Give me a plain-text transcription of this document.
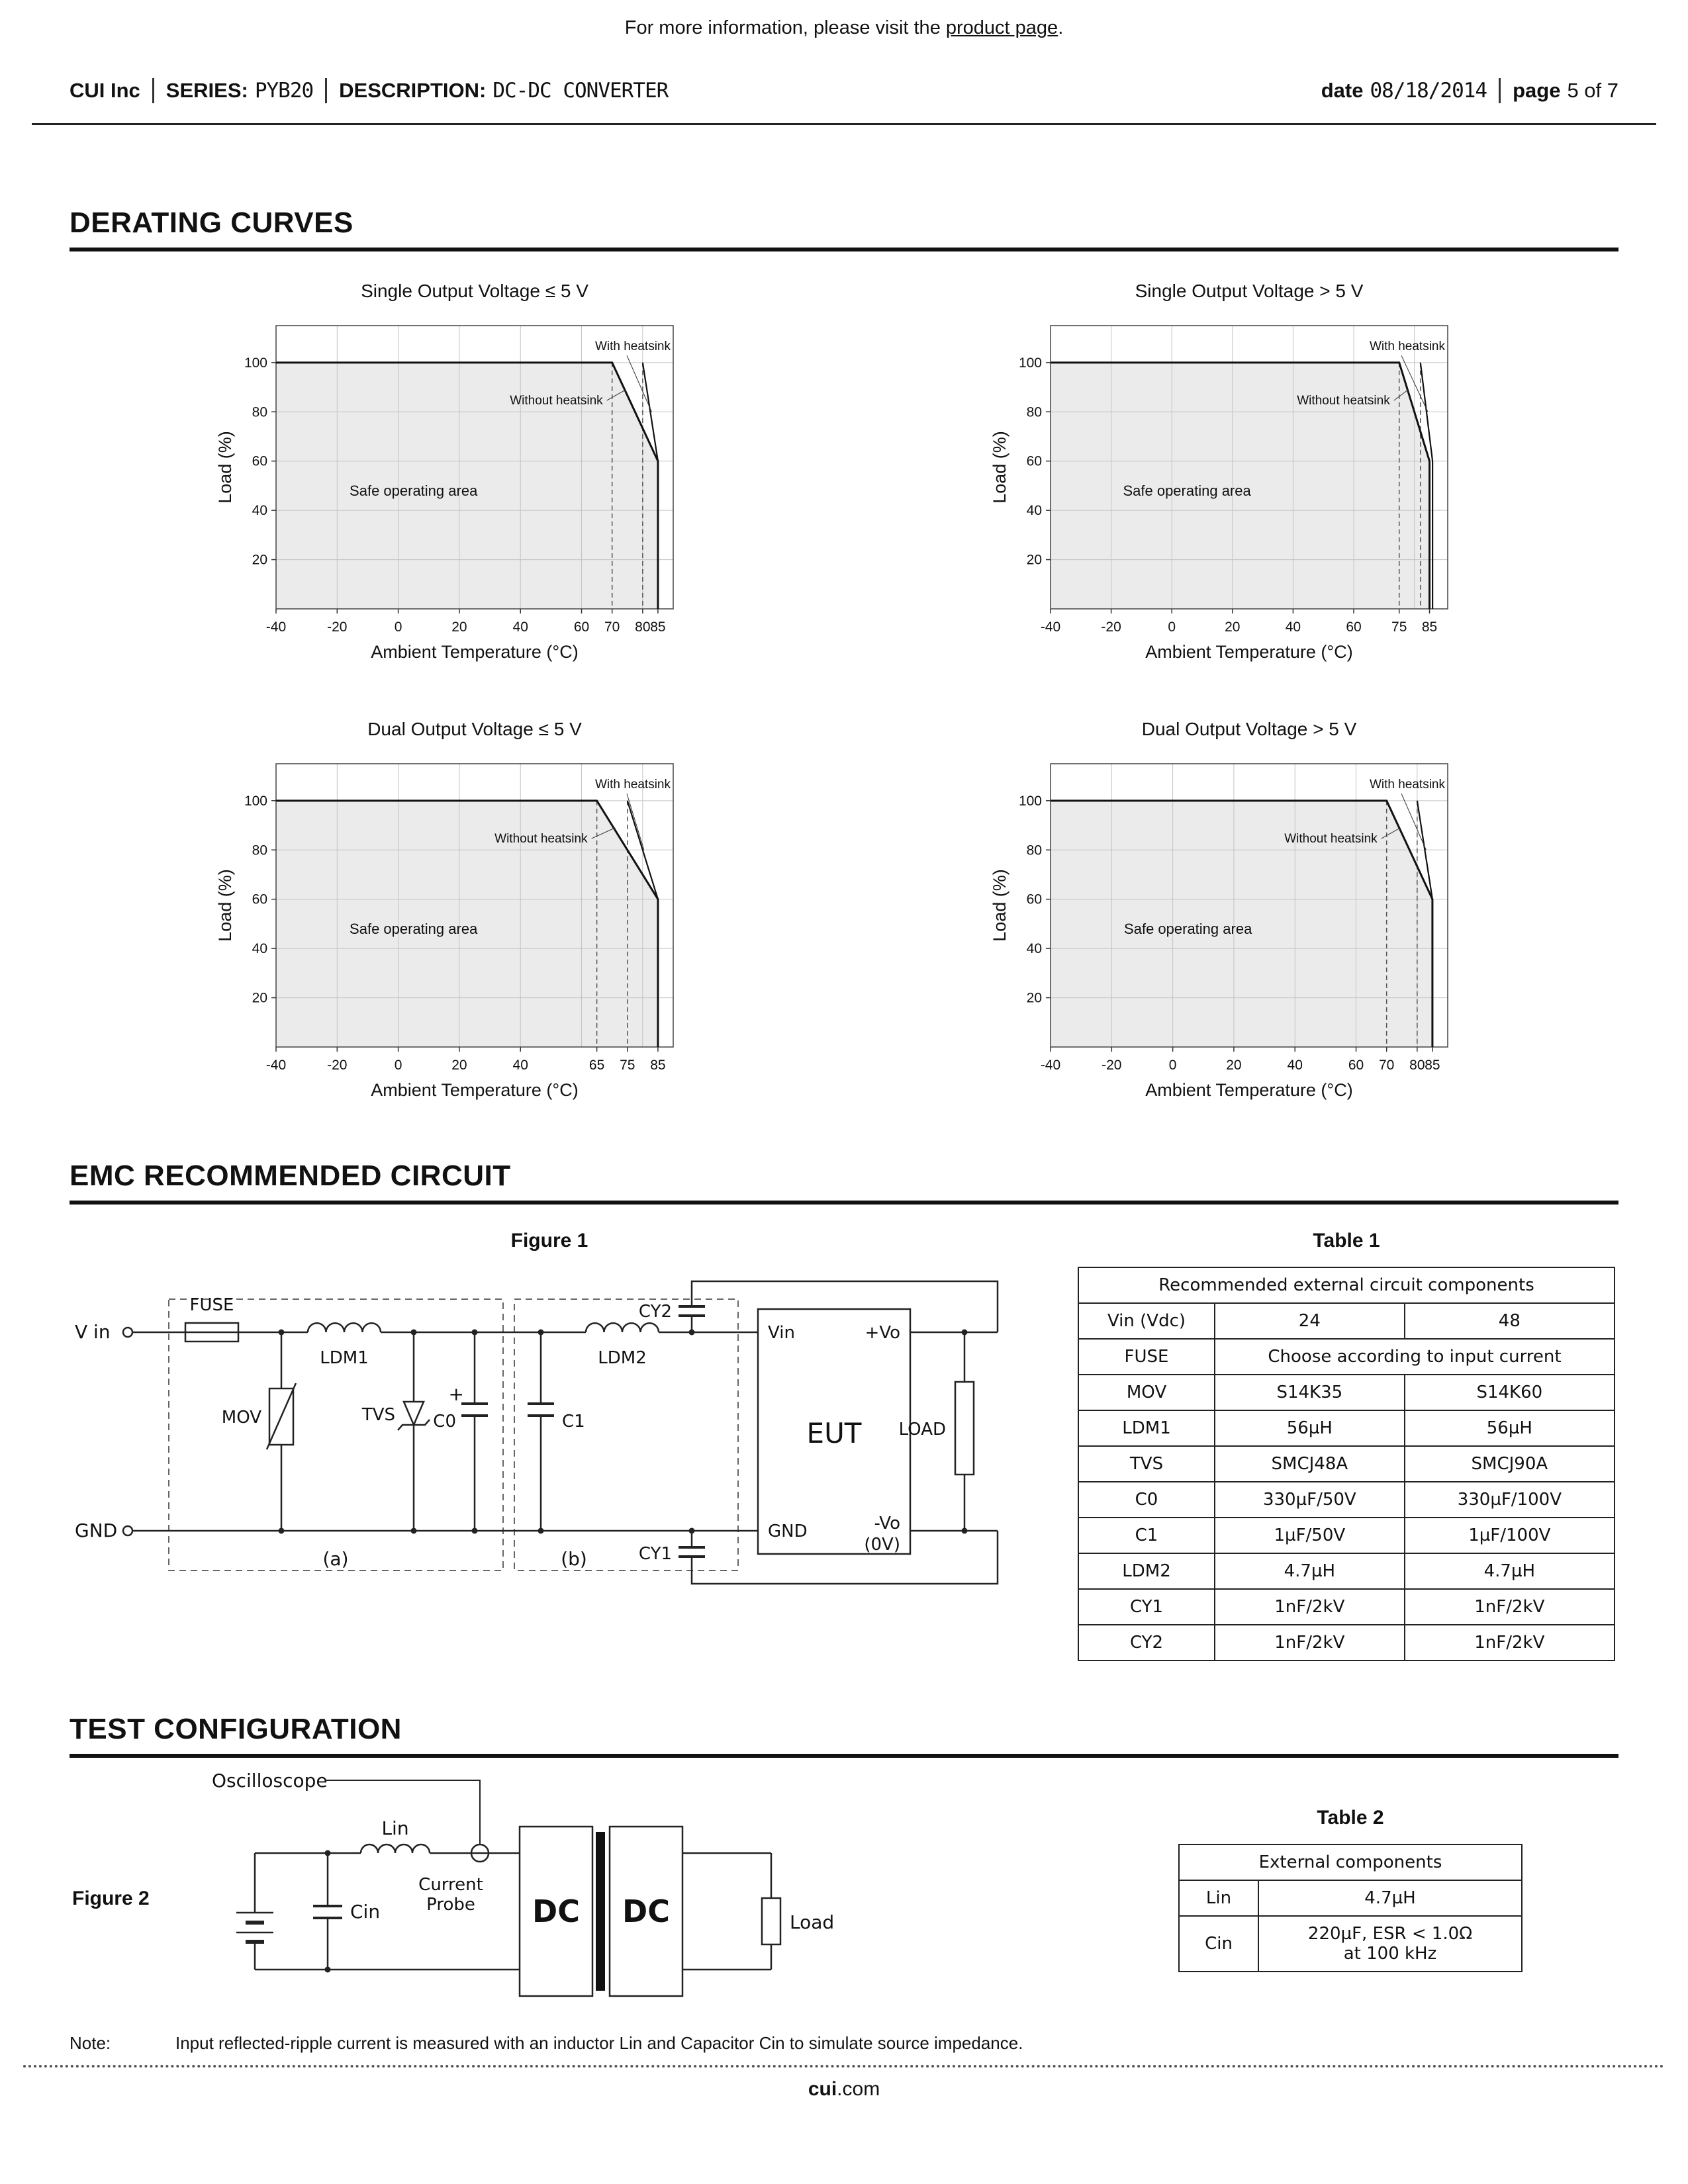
For more information, please visit the product page.
CUI Inc SERIES: PYB20 DESCRIPTION: DC-DC CONVERTER	date 08/18/2014 page 5 of 7
DERATING CURVES
Single Output Voltage ≤ 5 V
-40	-20	0	20	40	60 70 80 85
20
40
60
80
100
Ambient Temperature (°C)
Load (%)	Safe operating area
Without heatsink
With heatsink
Single Output Voltage > 5 V
-40	-20	0	20	40	60 75 85
20
40
60
80
100
Ambient Temperature (°C)
Load (%)	Safe operating area
Without heatsink
With heatsink
Dual Output Voltage ≤ 5 V
-40	-20	0	20	40	65 75 85
20
40
60
80
100
Ambient Temperature (°C)
Load (%)	Safe operating area
Without heatsink
With heatsink
Dual Output Voltage > 5 V
-40	-20	0	20	40	60 70 80 85
20
40
60
80
100
Ambient Temperature (°C)
Load (%)	Safe operating area
Without heatsink
With heatsink
EMC RECOMMENDED CIRCUIT
Figure 1
V in
GND
FUSE
MOV
LDM1
TVS C0
+
C1
LDM2
CY2
CY1
(a)	(b)
EUT
Vin	+Vo
GND	-Vo
(0V)
LOAD
Table 1
Recommended external circuit components		
Vin (Vdc)	24	48
FUSE	Choose according to input current	
MOV	S14K35	S14K60
LDM1	56µH	56µH
TVS	SMCJ48A	SMCJ90A
C0	330µF/50V	330µF/100V
C1	1µF/50V	1µF/100V
LDM2	4.7µH	4.7µH
CY1	1nF/2kV	1nF/2kV
CY2	1nF/2kV	1nF/2kV
TEST CONFIGURATION
Figure 2
Oscilloscope
Lin
Cin
Current
Probe DC DC	Load
Table 2
External components	
Lin	4.7µH
Cin	220µF, ESR < 1.0Ω
at 100 kHz
Note:	Input reflected-ripple current is measured with an inductor Lin and Capacitor Cin to simulate source impedance.
cui.com
